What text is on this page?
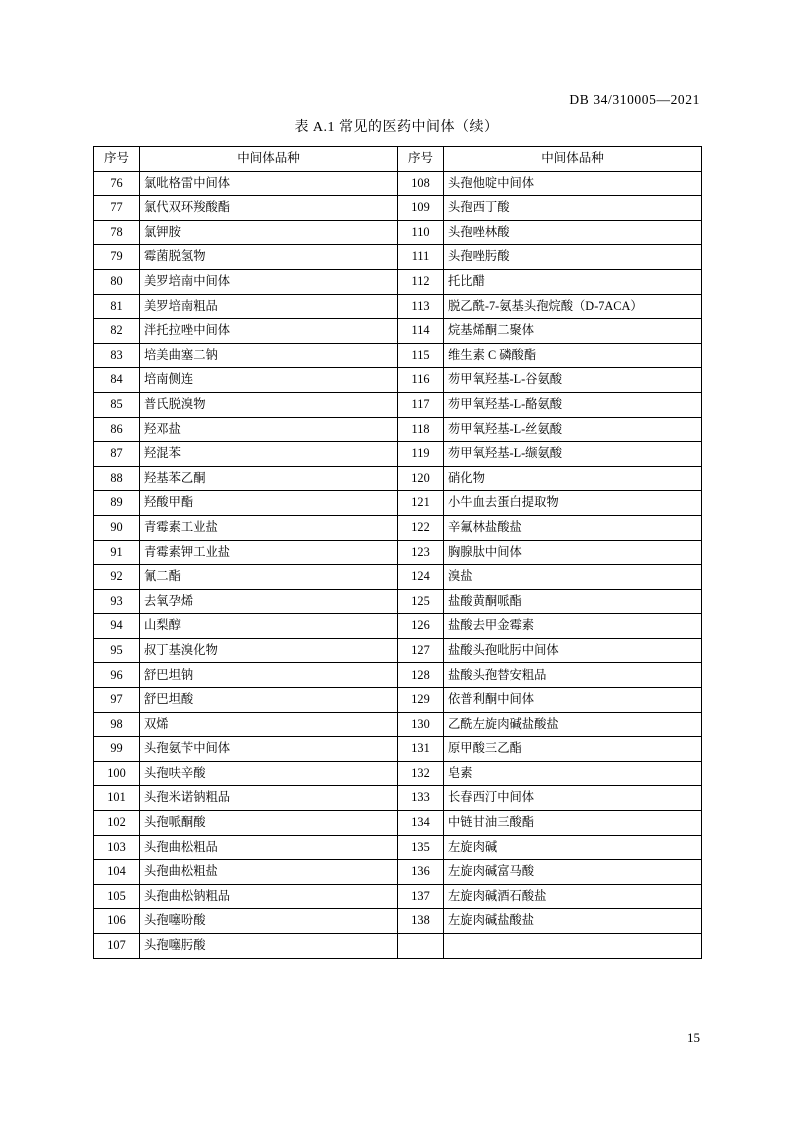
DB 34/310005—2021
表 A.1 常见的医药中间体（续）
序号	中间体品种	序号	中间体品种
76	氯吡格雷中间体	108	头孢他啶中间体
77	氯代双环羧酸酯	109	头孢西丁酸
78	氯钾胺	110	头孢唑林酸
79	霉菌脱氢物	111	头孢唑肟酸
80	美罗培南中间体	112	托比醋
81	美罗培南粗品	113	脱乙酰-7-氨基头孢烷酸（D-7ACA）
82	泮托拉唑中间体	114	烷基烯酮二聚体
83	培美曲塞二钠	115	维生素 C 磷酸酯
84	培南侧连	116	芴甲氧羟基-L-谷氨酸
85	普氏脱溴物	117	芴甲氧羟基-L-酪氨酸
86	羟邓盐	118	芴甲氧羟基-L-丝氨酸
87	羟混苯	119	芴甲氧羟基-L-缬氨酸
88	羟基苯乙酮	120	硝化物
89	羟酸甲酯	121	小牛血去蛋白提取物
90	青霉素工业盐	122	辛氟林盐酸盐
91	青霉素钾工业盐	123	胸腺肽中间体
92	氰二酯	124	溴盐
93	去氧孕烯	125	盐酸黄酮哌酯
94	山梨醇	126	盐酸去甲金霉素
95	叔丁基溴化物	127	盐酸头孢吡肟中间体
96	舒巴坦钠	128	盐酸头孢替安粗品
97	舒巴坦酸	129	依普利酮中间体
98	双烯	130	乙酰左旋肉碱盐酸盐
99	头孢氨苄中间体	131	原甲酸三乙酯
100	头孢呋辛酸	132	皂素
101	头孢米诺钠粗品	133	长春西汀中间体
102	头孢哌酮酸	134	中链甘油三酸酯
103	头孢曲松粗品	135	左旋肉碱
104	头孢曲松粗盐	136	左旋肉碱富马酸
105	头孢曲松钠粗品	137	左旋肉碱酒石酸盐
106	头孢噻吩酸	138	左旋肉碱盐酸盐
107	头孢噻肟酸		
15
